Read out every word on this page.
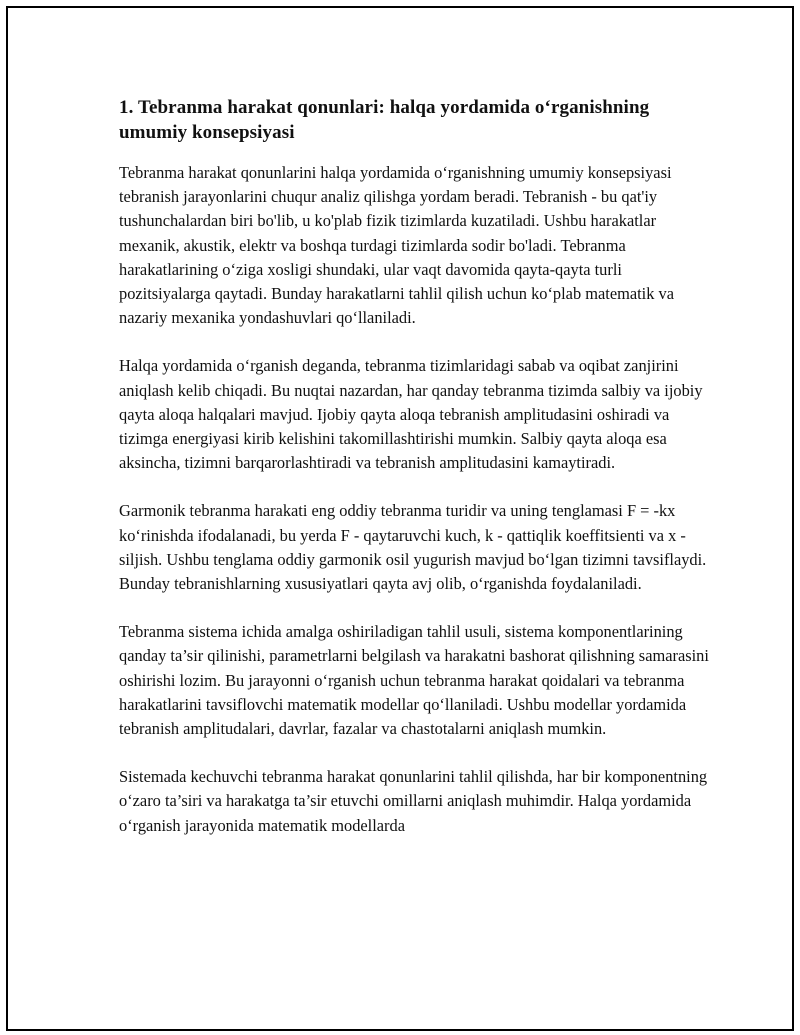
1. Tebranma harakat qonunlari: halqa yordamida o‘rganishning umumiy konsepsiyasi

Tebranma harakat qonunlarini halqa yordamida o‘rganishning umumiy konsepsiyasi tebranish jarayonlarini chuqur analiz qilishga yordam beradi. Tebranish - bu qat'iy tushunchalardan biri bo'lib, u ko'plab fizik tizimlarda kuzatiladi. Ushbu harakatlar mexanik, akustik, elektr va boshqa turdagi tizimlarda sodir bo'ladi. Tebranma harakatlarining o‘ziga xosligi shundaki, ular vaqt davomida qayta-qayta turli pozitsiyalarga qaytadi. Bunday harakatlarni tahlil qilish uchun ko‘plab matematik va nazariy mexanika yondashuvlari qo‘llaniladi.

Halqa yordamida o‘rganish deganda, tebranma tizimlaridagi sabab va oqibat zanjirini aniqlash kelib chiqadi. Bu nuqtai nazardan, har qanday tebranma tizimda salbiy va ijobiy qayta aloqa halqalari mavjud. Ijobiy qayta aloqa tebranish amplitudasini oshiradi va tizimga energiyasi kirib kelishini takomillashtirishi mumkin. Salbiy qayta aloqa esa aksincha, tizimni barqarorlashtiradi va tebranish amplitudasini kamaytiradi.

Garmonik tebranma harakati eng oddiy tebranma turidir va uning tenglamasi F = -kx ko‘rinishda ifodalanadi, bu yerda F - qaytaruvchi kuch, k - qattiqlik koeffitsienti va x - siljish. Ushbu tenglama oddiy garmonik osil yugurish mavjud bo‘lgan tizimni tavsiflaydi. Bunday tebranishlarning xususiyatlari qayta avj olib, o‘rganishda foydalaniladi.

Tebranma sistema ichida amalga oshiriladigan tahlil usuli, sistema komponentlarining qanday ta’sir qilinishi, parametrlarni belgilash va harakatni bashorat qilishning samarasini oshirishi lozim. Bu jarayonni o‘rganish uchun tebranma harakat qoidalari va tebranma harakatlarini tavsiflovchi matematik modellar qo‘llaniladi. Ushbu modellar yordamida tebranish amplitudalari, davrlar, fazalar va chastotalarni aniqlash mumkin.

Sistemada kechuvchi tebranma harakat qonunlarini tahlil qilishda, har bir komponentning o‘zaro ta’siri va harakatga ta’sir etuvchi omillarni aniqlash muhimdir. Halqa yordamida o‘rganish jarayonida matematik modellarda
